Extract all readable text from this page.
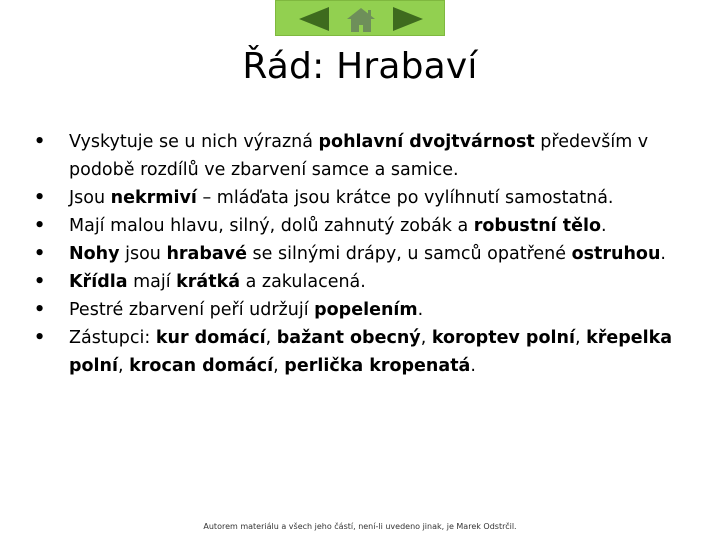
Řád: Hrabaví
• Vyskytuje se u nich výrazná pohlavní dvojtvárnost především v podobě rozdílů ve zbarvení samce a samice.
• Jsou nekrmiví – mláďata jsou krátce po vylíhnutí samostatná.
• Mají malou hlavu, silný, dolů zahnutý zobák a robustní tělo.
• Nohy jsou hrabavé se silnými drápy, u samců opatřené ostruhou.
• Křídla mají krátká a zakulacená.
• Pestré zbarvení peří udržují popelením.
• Zástupci: kur domácí, bažant obecný, koroptev polní, křepelka polní, krocan domácí, perlička kropenatá.
Autorem materiálu a všech jeho částí, není-li uvedeno jinak, je Marek Odstrčil.
